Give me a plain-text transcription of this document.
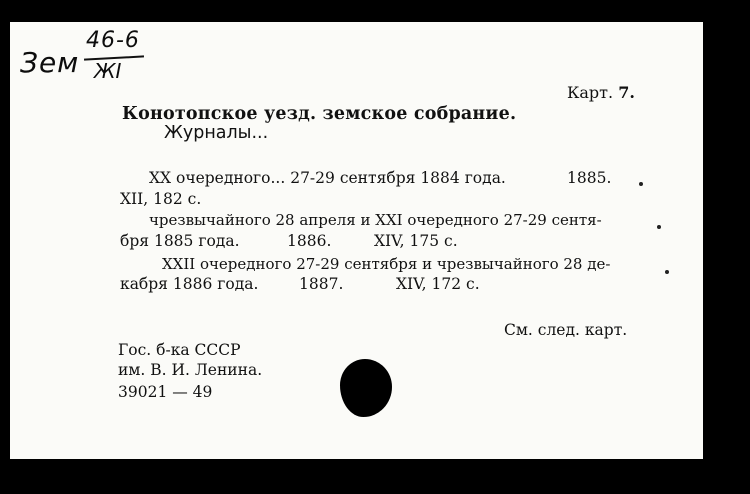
Зем
46-6
ЖІ
Карт. 7.
Конотопское уезд. земское собрание.
Журналы...
XX очередного... 27-29 сентября 1884 года.	1885.
XII, 182 с.
чрезвычайного 28 апреля и XXI очередного 27-29 сентя-
бря 1885 года.	1886.	XIV, 175 с.
XXII очередного 27-29 сентября и чрезвычайного 28 де-
кабря 1886 года.	1887.	XIV, 172 с.
См. след. карт.
Гос. б-ка СССР
им. В. И. Ленина.
39021 — 49
